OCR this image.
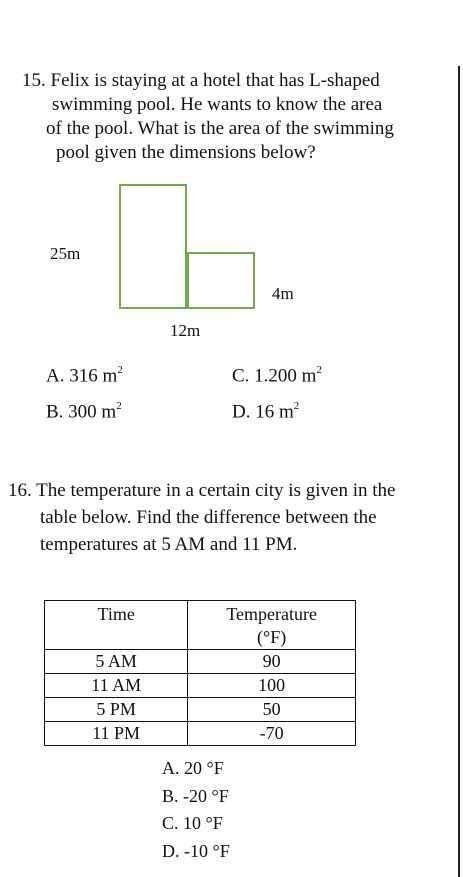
15. Felix is staying at a hotel that has L-shaped
swimming pool. He wants to know the area
of the pool. What is the area of the swimming
pool given the dimensions below?
25m
4m
12m
A. 316 $m^2$
B. 300 $m^2$
C. 1.200 $m^2$
D. 16 $m^2$
16. The temperature in a certain city is given in the
table below. Find the difference between the
temperatures at 5 AM and 11 PM.
Time	Temperature (°F)
5 AM	90
11 AM	100
5 PM	50
11 PM	-70
A. 20 °F
B. -20 °F
C. 10 °F
D. -10 °F
